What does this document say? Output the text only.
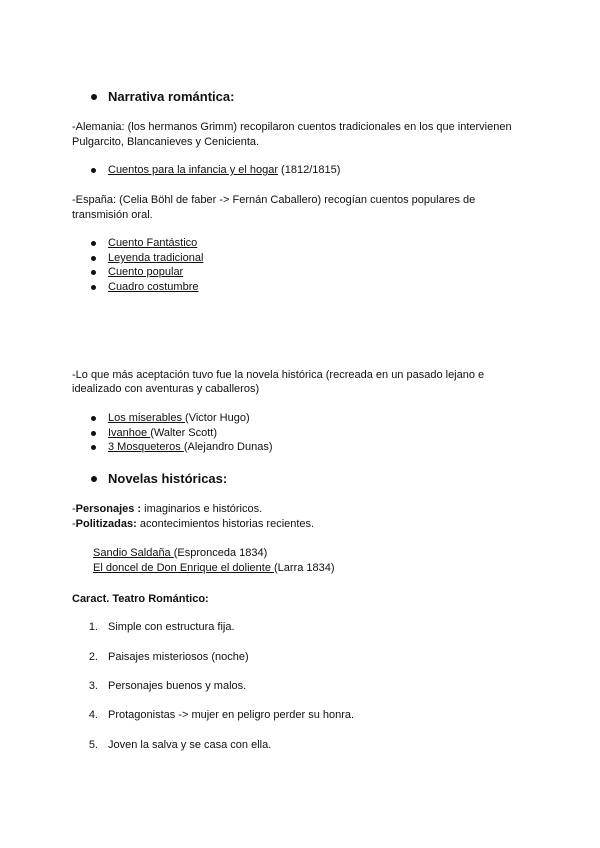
Narrativa romántica:
-Alemania: (los hermanos Grimm) recopilaron cuentos tradicionales en los que intervienen
Pulgarcito, Blancanieves y Cenicienta.
Cuentos para la infancia y el hogar (1812/1815)
-España: (Celia Böhl de faber -> Fernán Caballero) recogían cuentos populares de
transmisión oral.
Cuento Fantástico
Leyenda tradicional
Cuento popular
Cuadro costumbre
-Lo que más aceptación tuvo fue la novela histórica (recreada en un pasado lejano e
idealizado con aventuras y caballeros)
Los miserables (Victor Hugo)
Ivanhoe (Walter Scott)
3 Mosqueteros (Alejandro Dunas)
Novelas históricas:
-Personajes : imaginarios e históricos.
-Politizadas: acontecimientos historias recientes.
Sandio Saldaña (Espronceda 1834)
El doncel de Don Enrique el doliente (Larra 1834)
Caract. Teatro Romántico:
1. Simple con estructura fija.
2. Paisajes misteriosos (noche)
3. Personajes buenos y malos.
4. Protagonistas -> mujer en peligro perder su honra.
5. Joven la salva y se casa con ella.
